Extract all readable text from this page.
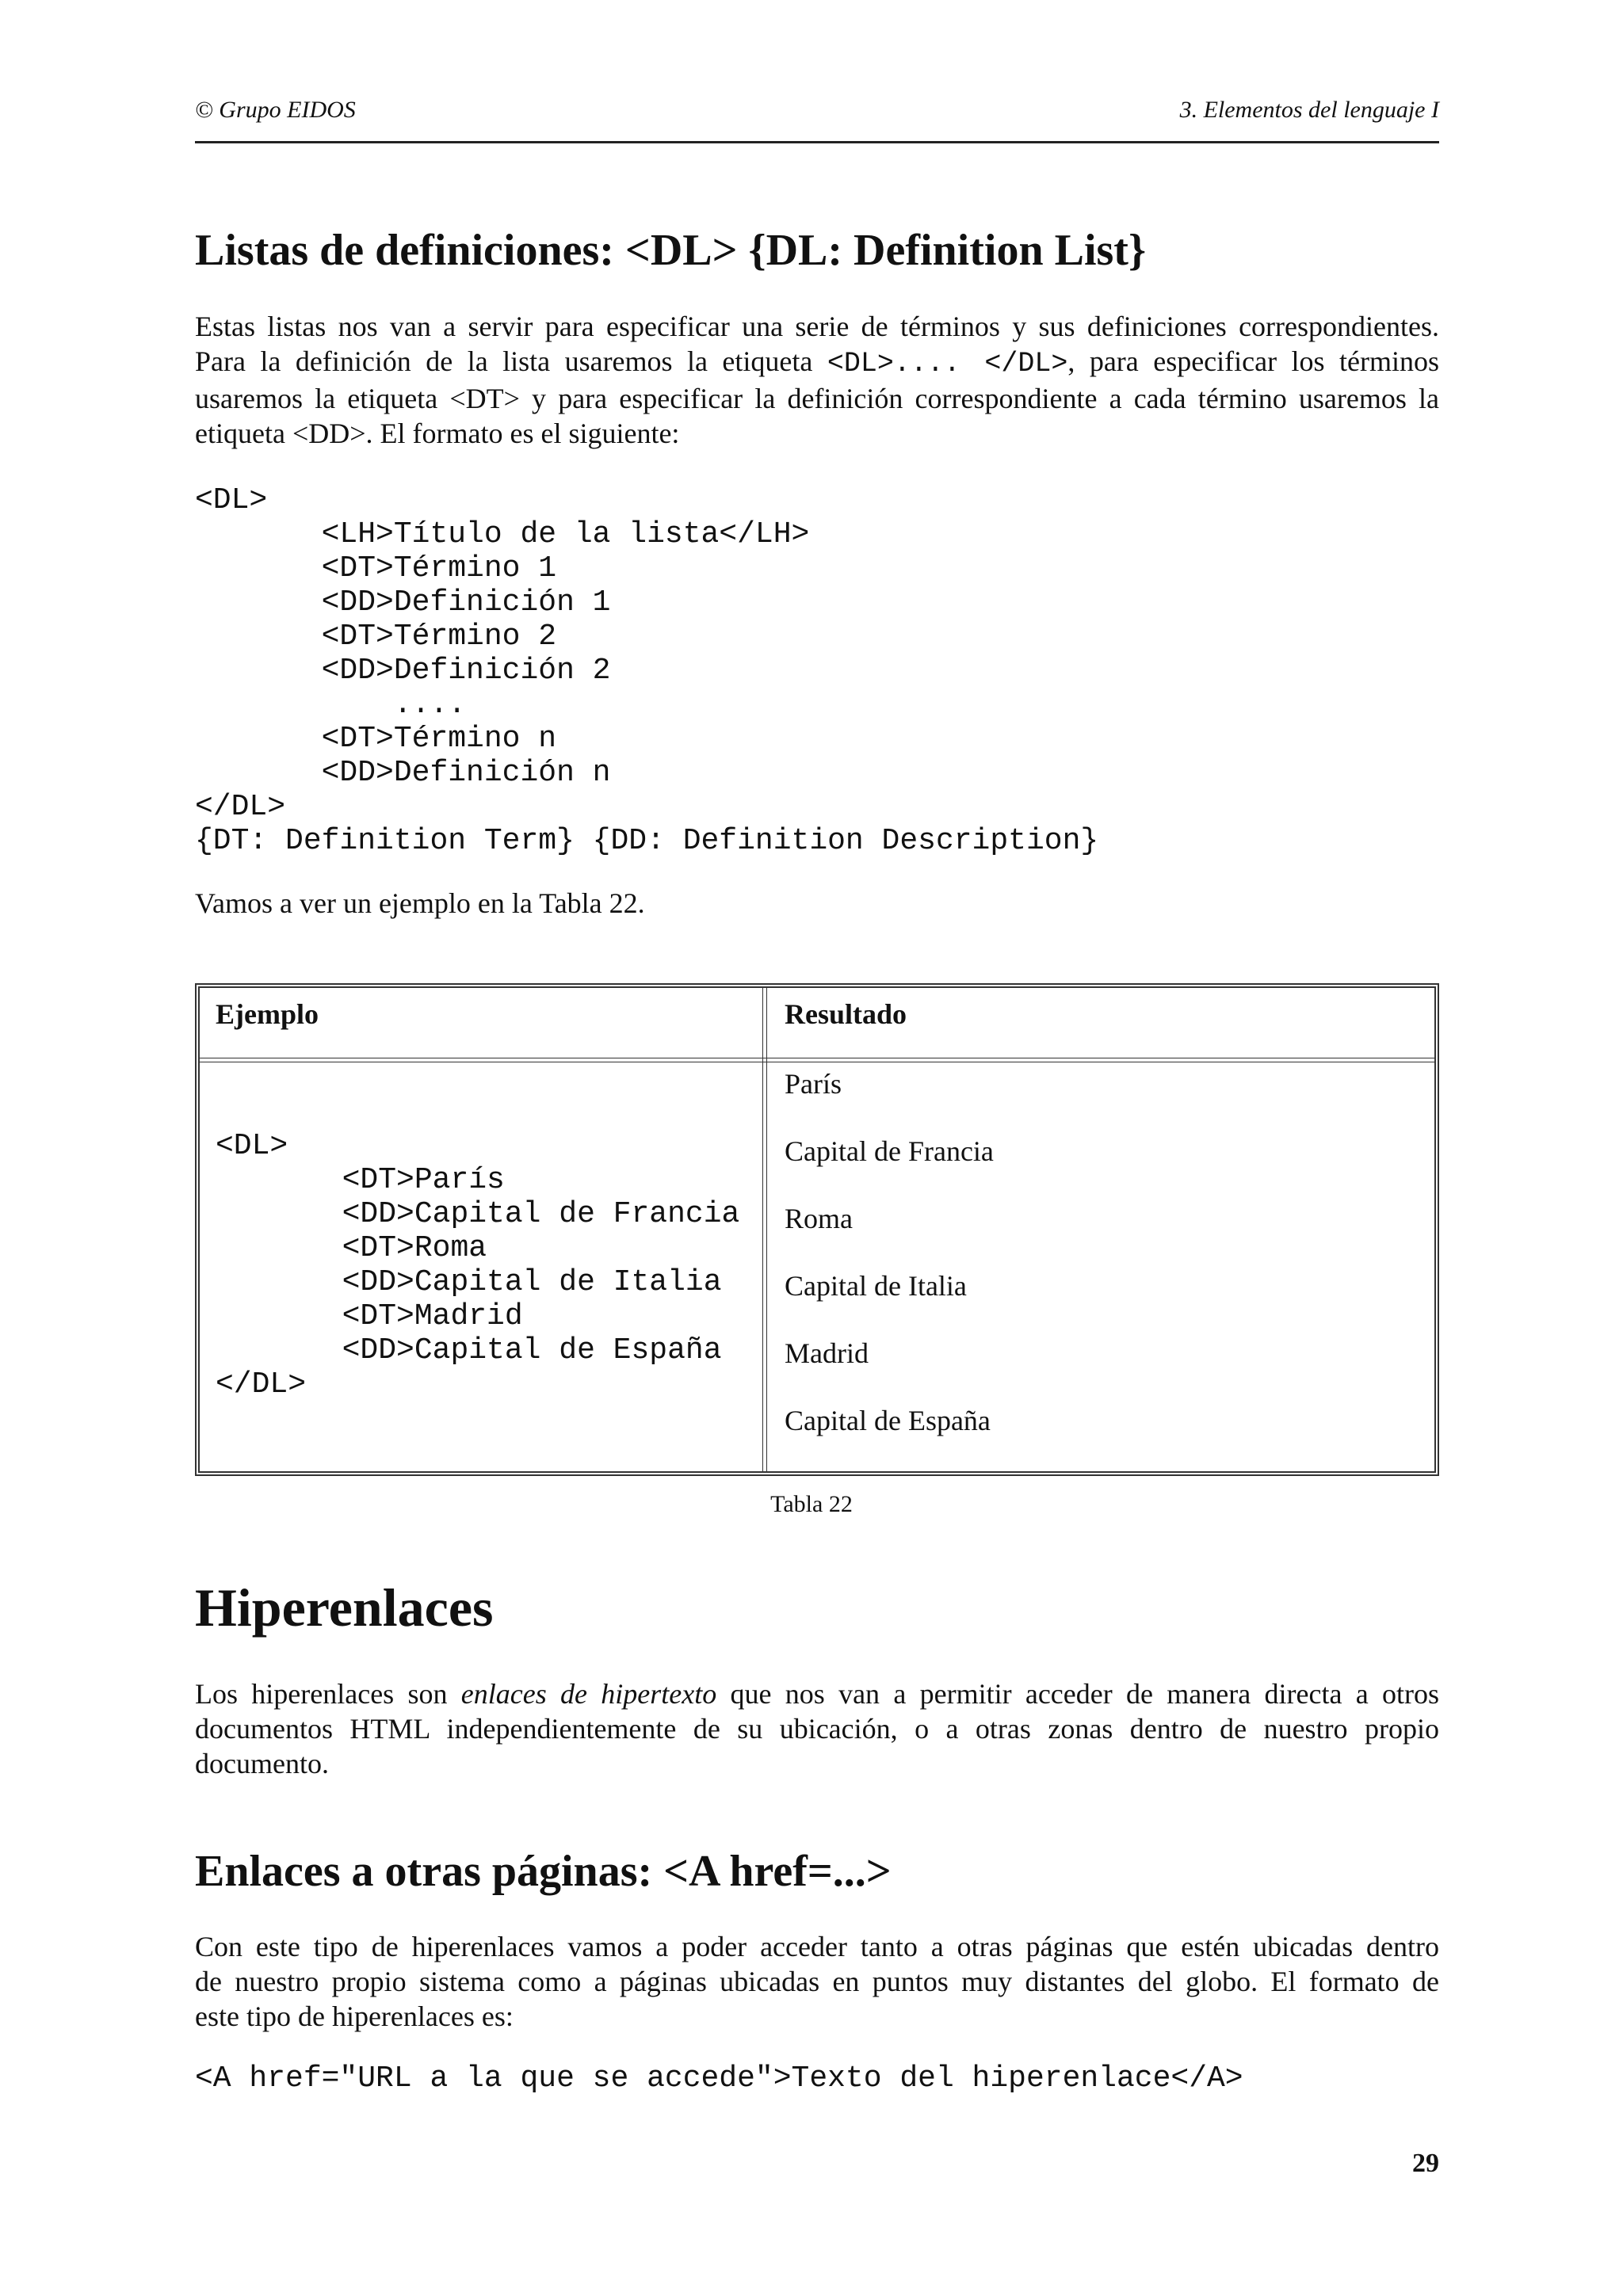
© Grupo EIDOS	3. Elementos del lenguaje I
Listas de definiciones: <DL> {DL: Definition List}
Estas listas nos van a servir para especificar una serie de términos y sus definiciones correspondientes.
Para la definición de la lista usaremos la etiqueta <DL>.... </DL>, para especificar los términos
usaremos la etiqueta <DT> y para especificar la definición correspondiente a cada término usaremos la
etiqueta <DD>. El formato es el siguiente:
<DL>
<LH>Título de la lista</LH>
<DT>Término 1
<DD>Definición 1
<DT>Término 2
<DD>Definición 2
....
<DT>Término n
<DD>Definición n
</DL>
{DT: Definition Term} {DD: Definition Description}

Vamos a ver un ejemplo en la Tabla 22.

Ejemplo	Resultado
<DL>
<DT>París
<DD>Capital de Francia
<DT>Roma
<DD>Capital de Italia
<DT>Madrid
<DD>Capital de España
</DL>
París
Capital de Francia
Roma
Capital de Italia
Madrid
Capital de España
Tabla 22
Hiperenlaces
Los hiperenlaces son enlaces de hipertexto que nos van a permitir acceder de manera directa a otros
documentos HTML independientemente de su ubicación, o a otras zonas dentro de nuestro propio
documento.
Enlaces a otras páginas: <A href=...>
Con este tipo de hiperenlaces vamos a poder acceder tanto a otras páginas que estén ubicadas dentro
de nuestro propio sistema como a páginas ubicadas en puntos muy distantes del globo. El formato de
este tipo de hiperenlaces es:
<A href="URL a la que se accede">Texto del hiperenlace</A>
29
